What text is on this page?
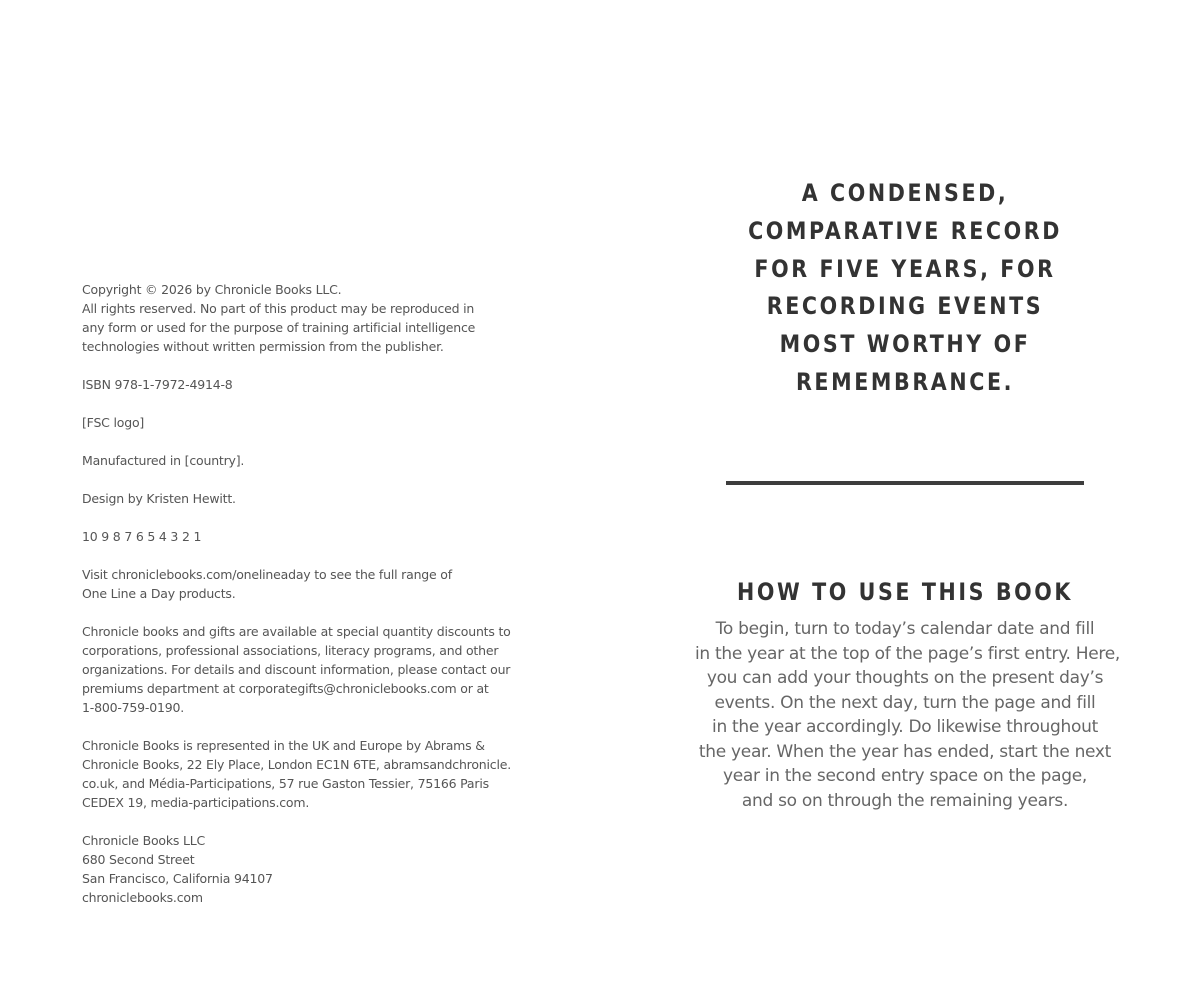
Copyright © 2026 by Chronicle Books LLC.
All rights reserved. No part of this product may be reproduced in
any form or used for the purpose of training artificial intelligence
technologies without written permission from the publisher.
ISBN 978-1-7972-4914-8
[FSC logo]
Manufactured in [country].
Design by Kristen Hewitt.
10 9 8 7 6 5 4 3 2 1
Visit chroniclebooks.com/onelineaday to see the full range of
One Line a Day products.
Chronicle books and gifts are available at special quantity discounts to
corporations, professional associations, literacy programs, and other
organizations. For details and discount information, please contact our
premiums department at corporategifts@chroniclebooks.com or at
1-800-759-0190.
Chronicle Books is represented in the UK and Europe by Abrams &
Chronicle Books, 22 Ely Place, London EC1N 6TE, abramsandchronicle.
co.uk, and Média-Participations, 57 rue Gaston Tessier, 75166 Paris
CEDEX 19, media-participations.com.
Chronicle Books LLC
680 Second Street
San Francisco, California 94107
chroniclebooks.com
A CONDENSED,
COMPARATIVE RECORD
FOR FIVE YEARS, FOR
RECORDING EVENTS
MOST WORTHY OF
REMEMBRANCE.
HOW TO USE THIS BOOK
To begin, turn to today’s calendar date and fill
in the year at the top of the page’s first entry. Here,
you can add your thoughts on the present day’s
events. On the next day, turn the page and fill
in the year accordingly. Do likewise throughout
the year. When the year has ended, start the next
year in the second entry space on the page,
and so on through the remaining years.
